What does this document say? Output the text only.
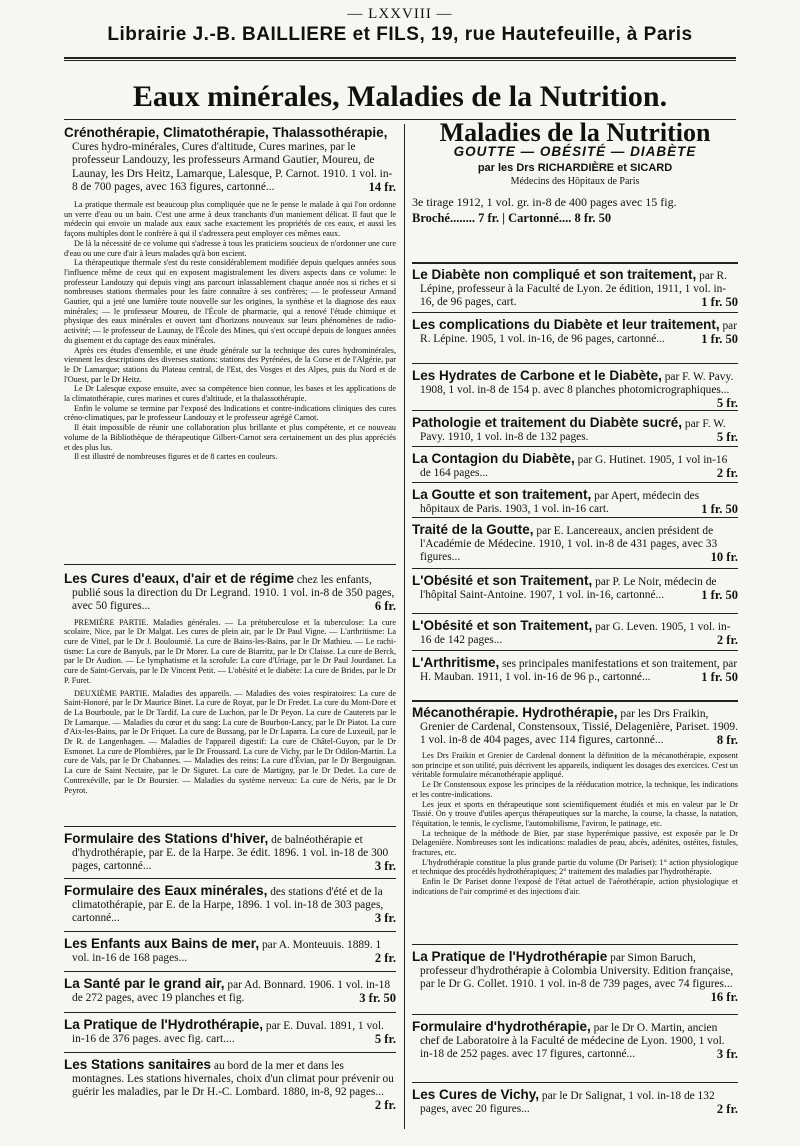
— LXXVIII —
Librairie J.-B. BAILLIERE et FILS, 19, rue Hautefeuille, à Paris
Eaux minérales, Maladies de la Nutrition.
Crénothérapie, Climatothérapie, Thalassothérapie, Cures hydro-minérales, Cures d'altitude, Cures marines, par le professeur Landouzy, les professeurs Armand Gautier, Moureu, de Launay, les Drs Heitz, Lamarque, Lalesque, P. Carnot. 1910. 1 vol. in-8 de 700 pages, avec 163 figures, cartonné...	14 fr.

La pratique thermale est beaucoup plus compliquée que ne le pense le malade à qui l'on ordonne un verre d'eau ou un bain. C'est une arme à deux tranchants d'un maniement délicat. Il faut que le médecin qui envoie un malade aux eaux sache exactement les propriétés de ces eaux, et aussi les façons multiples dont le confrère à qui il s'adressera peut employer ces mêmes eaux.

De là la nécessité de ce volume qui s'adresse à tous les praticiens soucieux de n'ordonner une cure d'eau ou une cure d'air à leurs malades qu'à bon escient.

La thérapeutique thermale s'est du reste considérablement modifiée depuis quelques années sous l'influence même de ceux qui en exposent magistralement les divers aspects dans ce volume: le professeur Landouzy qui depuis vingt ans parcourt inlassablement chaque année nos si riches et si nombreuses stations thermales pour les faire connaître à ses confrères; — le professeur Armand Gautier, qui a jeté une lumière toute nouvelle sur les origines, la synthèse et la diagnose des eaux minérales; — le professeur Moureu, de l'École de pharmacie, qui a renové l'étude chimique et physique des eaux minérales et ouvert tant d'horizons nouveaux sur leurs phénomènes de radio-activité; — le professeur de Launay, de l'École des Mines, qui s'est occupé depuis de longues années du gisement et du captage des eaux minérales.

Après ces études d'ensemble, et une étude générale sur la technique des cures hydrominérales, viennent les descriptions des diverses stations: stations des Pyrénées, de la Corse et de l'Algérie, par le Dr Lamarque; stations du Plateau central, de l'Est, des Vosges et des Alpes, puis du Nord et de l'Ouest, par le Dr Heitz.

Le Dr Lalesque expose ensuite, avec sa compétence bien connue, les bases et les applications de la climatothérapie, cures marines et cures d'altitude, et la thalassothérapie.

Enfin le volume se termine par l'exposé des Indications et contre-indications cliniques des cures créno-climatiques, par le professeur Landouzy et le professeur agrégé Carnot.

Il était impossible de réunir une collaboration plus brillante et plus compétente, et ce nouveau volume de la Bibliothèque de thérapeutique Gilbert-Carnot sera certainement un des plus appréciés et des plus lus.

Il est illustré de nombreuses figures et de 8 cartes en couleurs.

Les Cures d'eaux, d'air et de régime chez les enfants, publié sous la direction du Dr Legrand. 1910. 1 vol. in-8 de 350 pages, avec 50 figures...	6 fr.

PREMIÈRE PARTIE. Maladies générales. — La prétuberculose et la tuberculose: La cure scolaire, Nice, par le Dr Malgat. Les cures de plein air, par le Dr Paul Vigne. — L'arthritisme: La cure de Vittel, par le Dr J. Bouloumié. La cure de Bains-les-Bains, par le Dr Mathieu. — Le rachitisme: La cure de Banyuls, par le Dr Morer. La cure de Biarritz, par le Dr Claisse. La cure de Berck, par le Dr Audion. — Le lymphatisme et la scrofule: La cure d'Uriage, par le Dr Paul Jourdanet. La cure de Saint-Gervais, par le Dr Vincent Petit. — L'obésité et le diabète: La cure de Brides, par le Dr P. Furet.

DEUXIÈME PARTIE. Maladies des appareils. — Maladies des voies respiratoires: La cure de Saint-Honoré, par le Dr Maurice Binet. La cure de Royat, par le Dr Fredet. La cure du Mont-Dore et de La Bourboule, par le Dr Tardif. La cure de Luchon, par le Dr Peyon. La cure de Cauterets par le Dr Lamarque. — Maladies du cœur et du sang: La cure de Bourbon-Lancy, par le Dr Piatot. La cure d'Aix-les-Bains, par le Dr Friquet. La cure de Bussang, par le Dr Laparra. La cure de Luxeuil, par le Dr R. de Langenhagen. — Maladies de l'appareil digestif: La cure de Châtel-Guyon, par le Dr Esmonet. La cure de Plombières, par le Dr Froussard. La cure de Vichy, par le Dr Odilon-Martin. La cure de Vals, par le Dr Chabannes. — Maladies des reins: La cure d'Évian, par le Dr Bergouignan. La cure de Saint Nectaire, par le Dr Siguret. La cure de Martigny, par le Dr Dedet. La cure de Contrexéville, par le Dr Boursier. — Maladies du système nerveux: La cure de Néris, par le Dr Peyrot.

Formulaire des Stations d'hiver, de balnéothérapie et d'hydrothérapie, par E. de la Harpe. 3e édit. 1896. 1 vol. in-18 de 300 pages, cartonné...	3 fr.
Formulaire des Eaux minérales, des stations d'été et de la climatothérapie, par E. de la Harpe, 1896. 1 vol. in-18 de 303 pages, cartonné...	3 fr.
Les Enfants aux Bains de mer, par A. Monteuuis. 1889. 1 vol. in-16 de 168 pages...	2 fr.
La Santé par le grand air, par Ad. Bonnard. 1906. 1 vol. in-18 de 272 pages, avec 19 planches et fig.	3 fr. 50
La Pratique de l'Hydrothérapie, par E. Duval. 1891, 1 vol. in-16 de 376 pages. avec fig. cart....	5 fr.
Les Stations sanitaires au bord de la mer et dans les montagnes. Les stations hivernales, choix d'un climat pour prévenir ou guérir les maladies, par le Dr H.-C. Lombard. 1880, in-8, 92 pages...
2 fr.
Maladies de la Nutrition
GOUTTE — OBÉSITÉ — DIABÈTE
par les Drs RICHARDIÈRE et SICARD
Médecins des Hôpitaux de Paris
3e tirage 1912, 1 vol. gr. in-8 de 400 pages avec 15 fig.
Broché........ 7 fr. | Cartonné.... 8 fr. 50
Le Diabète non compliqué et son traitement, par R. Lépine, professeur à la Faculté de Lyon. 2e édition, 1911, 1 vol. in-16, de 96 pages, cart.	1 fr. 50
Les complications du Diabète et leur traitement, par R. Lépine. 1905, 1 vol. in-16, de 96 pages, cartonné...	1 fr. 50
Les Hydrates de Carbone et le Diabète, par F. W. Pavy. 1908, 1 vol. in-8 de 154 p. avec 8 planches photomicrographiques...
5 fr.
Pathologie et traitement du Diabète sucré, par F. W. Pavy. 1910, 1 vol. in-8 de 132 pages.	5 fr.
La Contagion du Diabète, par G. Hutinet. 1905, 1 vol in-16 de 164 pages...	2 fr.
La Goutte et son traitement, par Apert, médecin des hôpitaux de Paris. 1903, 1 vol. in-16 cart.	1 fr. 50
Traité de la Goutte, par E. Lancereaux, ancien président de l'Académie de Médecine. 1910, 1 vol. in-8 de 431 pages, avec 33 figures...	10 fr.
L'Obésité et son Traitement, par P. Le Noir, médecin de l'hôpital Saint-Antoine. 1907, 1 vol. in-16, cartonné...	1 fr. 50
L'Obésité et son Traitement, par G. Leven. 1905, 1 vol. in-16 de 142 pages...	2 fr.
L'Arthritisme, ses principales manifestations et son traitement, par H. Mauban. 1911, 1 vol. in-16 de 96 p., cartonné...	1 fr. 50
Mécanothérapie. Hydrothérapie, par les Drs Fraikin, Grenier de Cardenal, Constensoux, Tissié, Delagenière, Pariset. 1909. 1 vol. in-8 de 404 pages, avec 114 figures, cartonné...	8 fr.

Les Drs Fraikin et Grenier de Cardenal donnent la définition de la mécanothérapie, exposent son principe et son utilité, puis décrivent les appareils, indiquent les dosages des exercices. C'est un véritable formulaire mécanothérapie appliqué.

Le Dr Constensoux expose les principes de la rééducation motrice, la technique, les indications et les contre-indications.

Les jeux et sports en thérapeutique sont scientifiquement étudiés et mis en valeur par le Dr Tissié. On y trouve d'utiles aperçus thérapeutiques sur la marche, la course, la chasse, la natation, l'équitation, le tennis, le cyclisme, l'automobilisme, l'aviron, le patinage, etc.

La technique de la méthode de Bier, par stase hyperémique passive, est exposée par le Dr Delagenière. Nombreuses sont les indications: maladies de peau, abcès, adénites, ostéites, fistules, fractures, etc.

L'hydrothérapie constitue la plus grande partie du volume (Dr Pariset): 1° action physiologique et technique des procédés hydrothérapiques; 2° traitement des maladies par l'hydrothérapie.

Enfin le Dr Pariset donne l'exposé de l'état actuel de l'aérothérapie, action physiologique et indications de l'air comprimé et des injections d'air.

La Pratique de l'Hydrothérapie par Simon Baruch, professeur d'hydrothérapie à Colombia University. Edition française, par le Dr G. Collet. 1910. 1 vol. in-8 de 739 pages, avec 74 figures...
16 fr.
Formulaire d'hydrothérapie, par le Dr O. Martin, ancien chef de Laboratoire à la Faculté de médecine de Lyon. 1900, 1 vol. in-18 de 252 pages. avec 17 figures, cartonné...	3 fr.
Les Cures de Vichy, par le Dr Salignat, 1 vol. in-18 de 132 pages, avec 20 figures...	2 fr.
